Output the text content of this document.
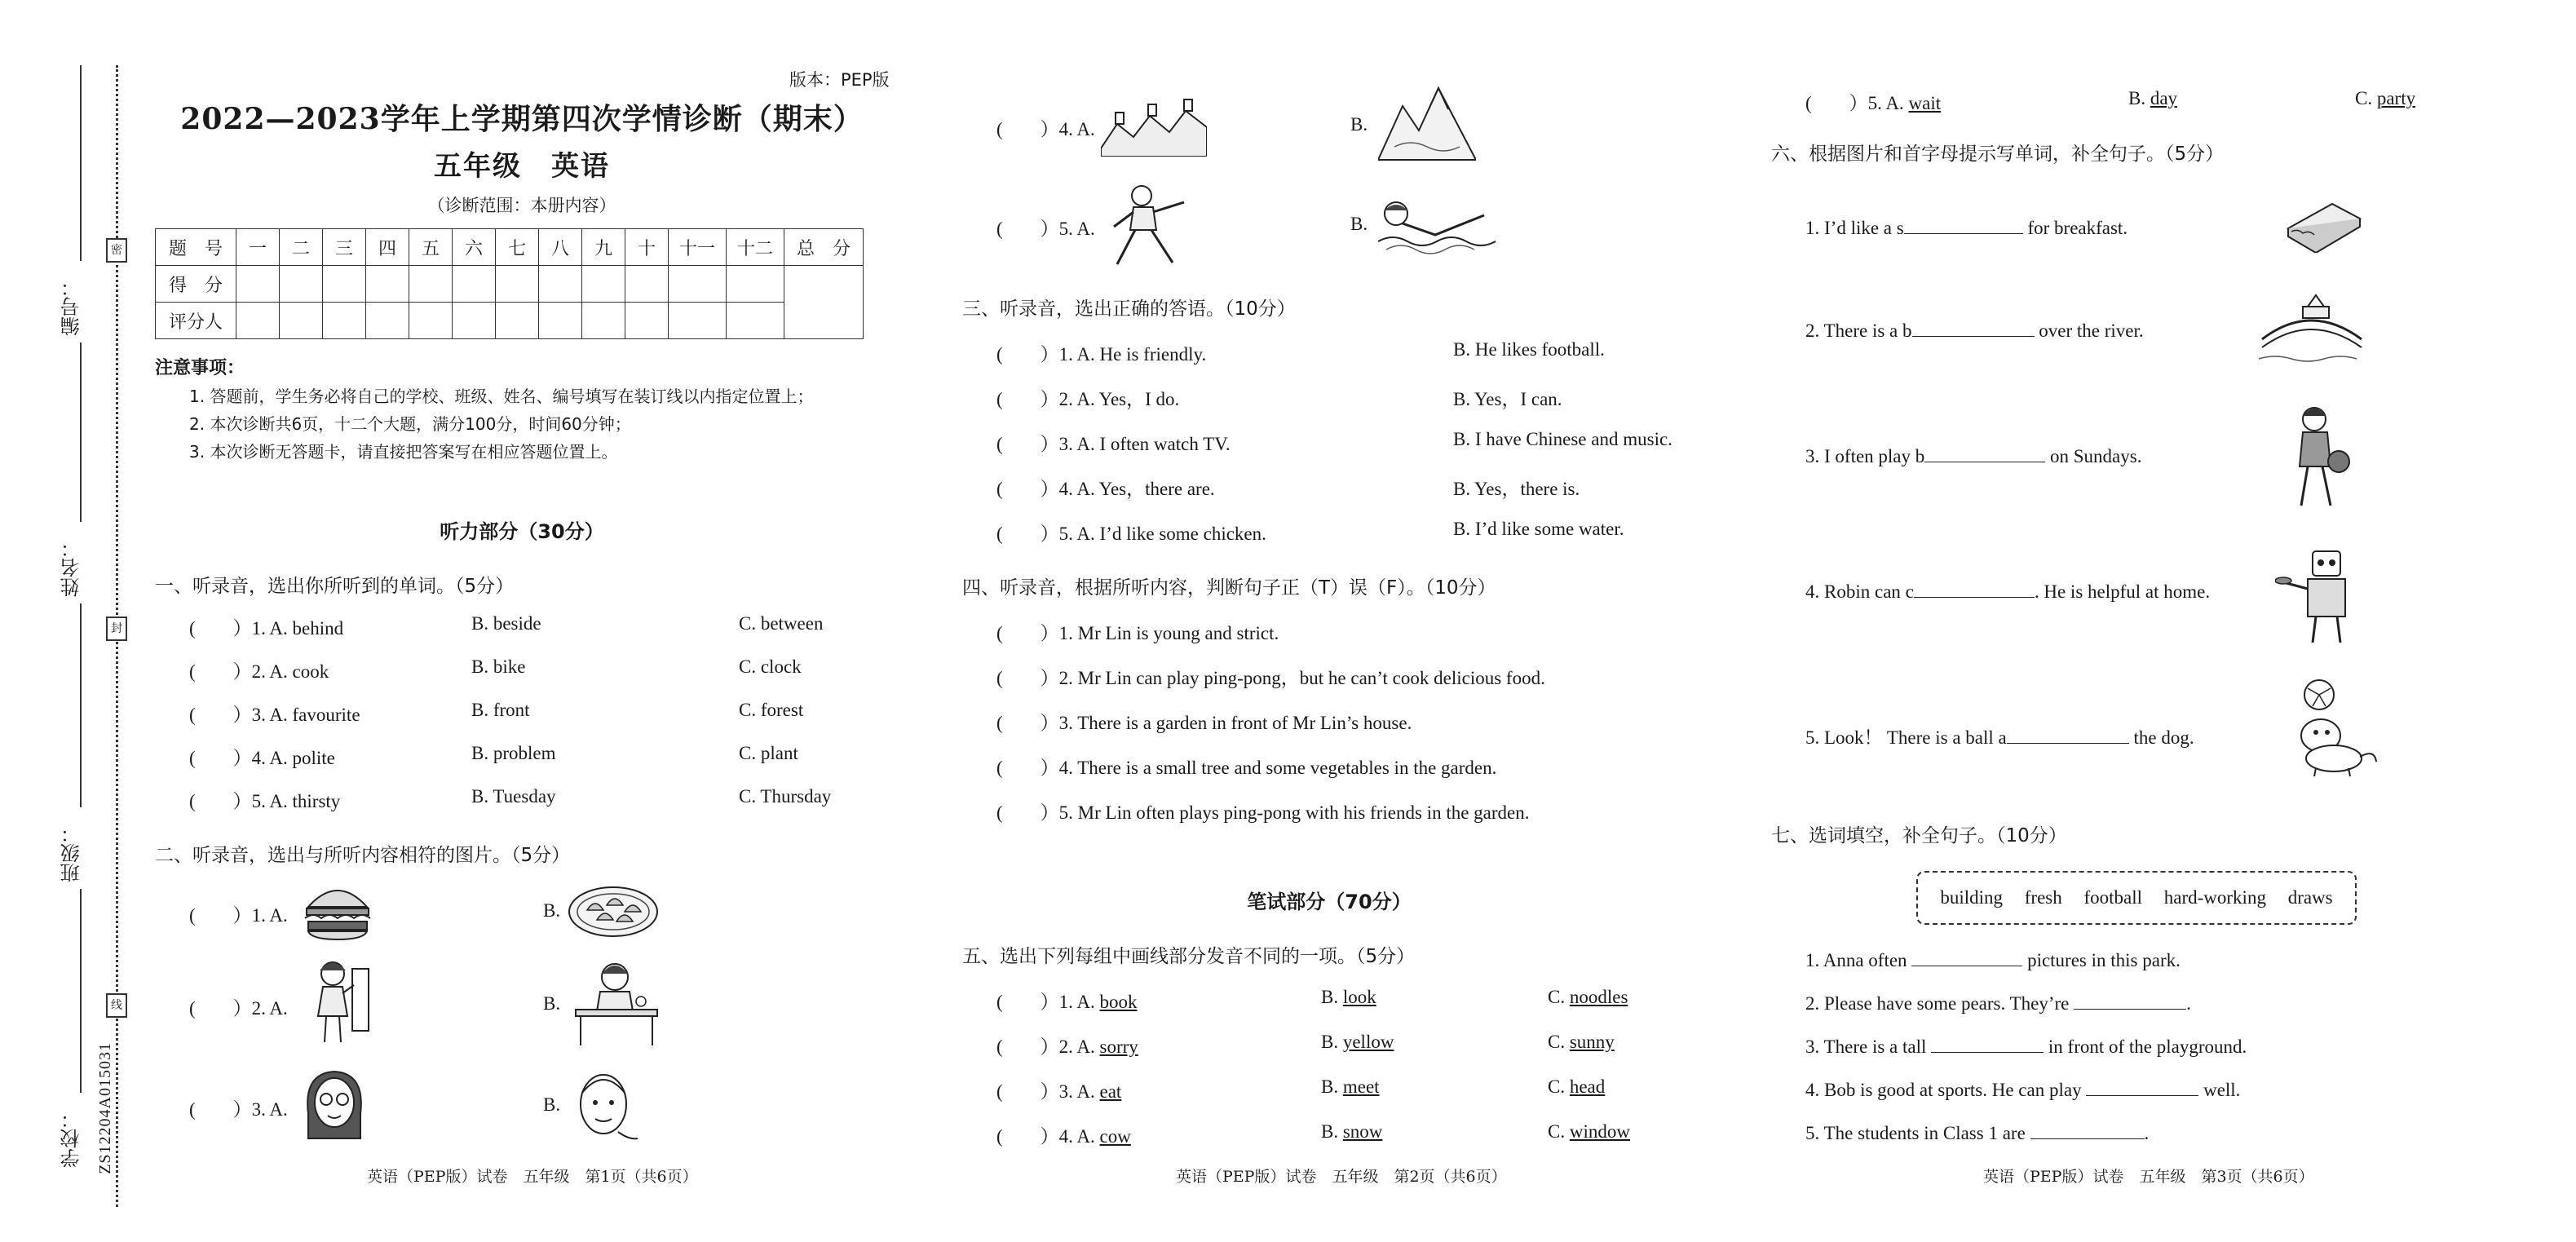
编号：
姓名：
班级：
学校：
密
封
线
ZS12204A015031
版本：PEP版
2022—2023学年上学期第四次学情诊断（期末）
五年级　英语
（诊断范围：本册内容）
题　号	一	二	三	四	五	六	七	八	九	十	十一	十二	总　分
得　分													
评分人													
注意事项：
1. 答题前，学生务必将自己的学校、班级、姓名、编号填写在装订线以内指定位置上；
2. 本次诊断共6页，十二个大题，满分100分，时间60分钟；
3. 本次诊断无答题卡，请直接把答案写在相应答题位置上。
听力部分（30分）
一、听录音，选出你所听到的单词。（5分）
(  ）1. A. behind	B. beside	C. between
(  ）2. A. cook	B. bike	C. clock
(  ）3. A. favourite	B. front	C. forest
(  ）4. A. polite	B. problem	C. plant
(  ）5. A. thirsty	B. Tuesday	C. Thursday
二、听录音，选出与所听内容相符的图片。（5分）
(  ）1. A.	B.
(  ）2. A.	B.
(  ）3. A.	B.
英语（PEP版）试卷　五年级　第1页（共6页）
(  ）4. A.	B.
(  ）5. A.	B.
三、听录音，选出正确的答语。（10分）
(  ）1. A. He is friendly.	B. He likes football.
(  ）2. A. Yes，I do.	B. Yes，I can.
(  ）3. A. I often watch TV.	B. I have Chinese and music.
(  ）4. A. Yes，there are.	B. Yes，there is.
(  ）5. A. I’d like some chicken.	B. I’d like some water.
四、听录音，根据所听内容，判断句子正（T）误（F）。（10分）
(  ）1. Mr Lin is young and strict.
(  ）2. Mr Lin can play ping-pong，but he can’t cook delicious food.
(  ）3. There is a garden in front of Mr Lin’s house.
(  ）4. There is a small tree and some vegetables in the garden.
(  ）5. Mr Lin often plays ping-pong with his friends in the garden.
笔试部分（70分）
五、选出下列每组中画线部分发音不同的一项。（5分）
(  ）1. A. book	B. look	C. noodles
(  ）2. A. sorry	B. yellow	C. sunny
(  ）3. A. eat	B. meet	C. head
(  ）4. A. cow	B. snow	C. window
英语（PEP版）试卷　五年级　第2页（共6页）
(  ）5. A. wait	B. day	C. party
六、根据图片和首字母提示写单词，补全句子。（5分）
1. I’d like a s	for breakfast.
2. There is a b	over the river.
3. I often play b	on Sundays.
4. Robin can c	. He is helpful at home.
5. Look！ There is a ball a	the dog.
七、选词填空，补全句子。（10分）
building fresh football hard-working draws
1. Anna often	pictures in this park.
2. Please have some pears. They’re	.
3. There is a tall	in front of the playground.
4. Bob is good at sports. He can play	well.
5. The students in Class 1 are	.
英语（PEP版）试卷　五年级　第3页（共6页）
